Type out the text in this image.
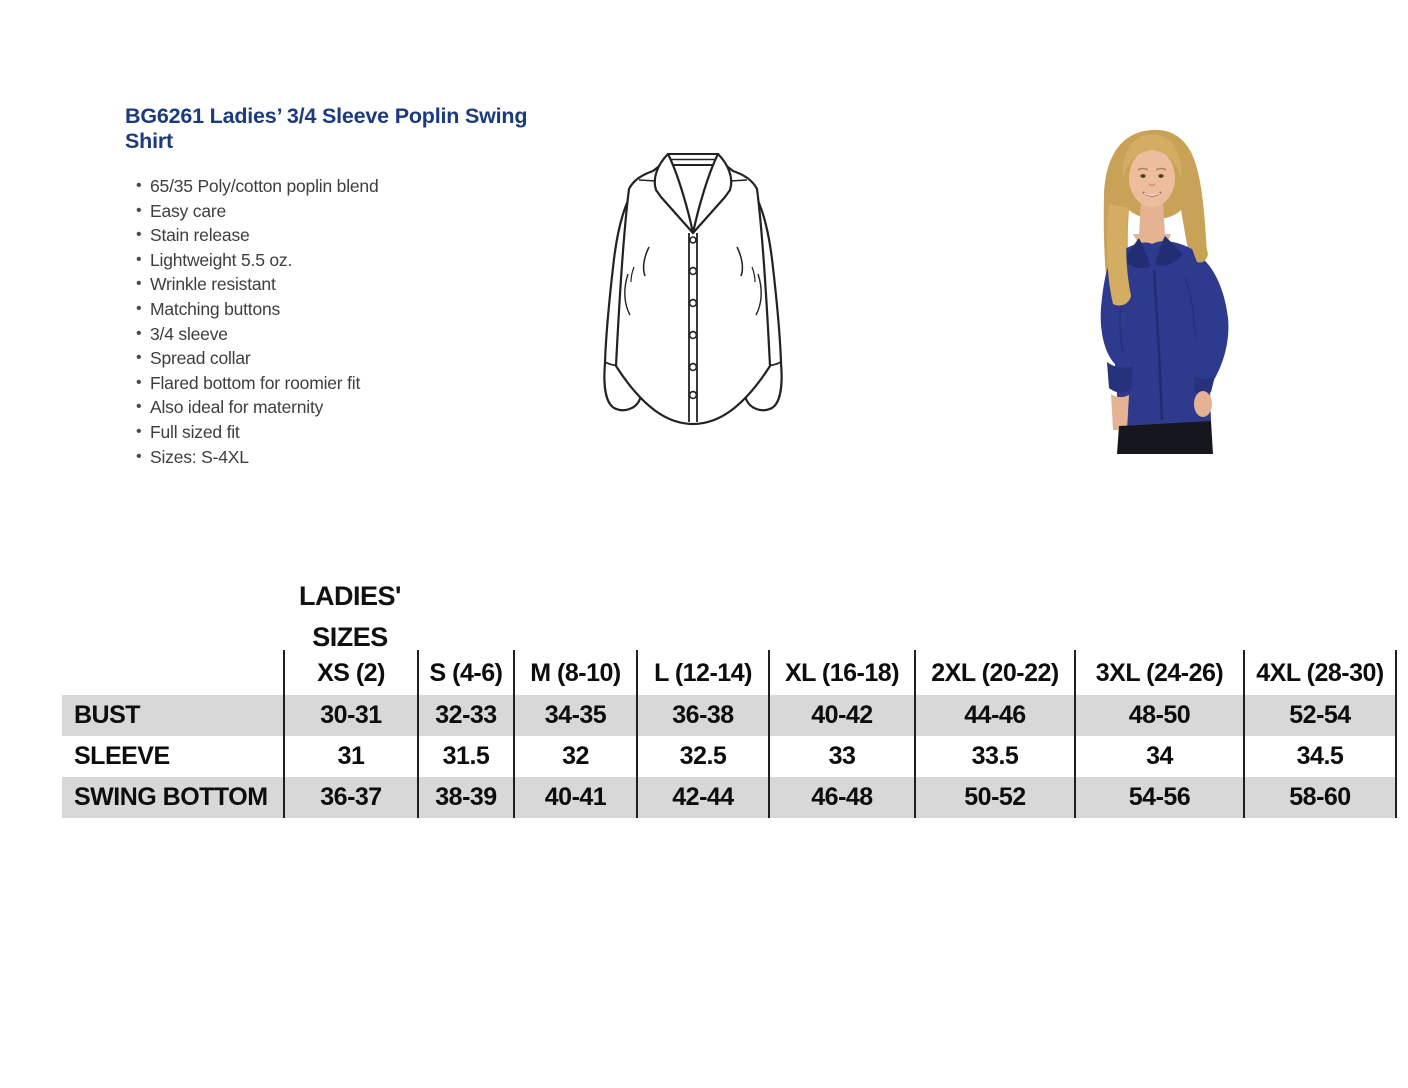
BG6261 Ladies’ 3/4 Sleeve Poplin Swing Shirt
• 65/35 Poly/cotton poplin blend
• Easy care
• Stain release
• Lightweight 5.5 oz.
• Wrinkle resistant
• Matching buttons
• 3/4 sleeve
• Spread collar
• Flared bottom for roomier fit
• Also ideal for maternity
• Full sized fit
• Sizes: S-4XL
LADIES'
SIZES
XS (2)	S (4-6)	M (8-10)	L (12-14)	XL (16-18)	2XL (20-22)	3XL (24-26)	4XL (28-30)
BUST	30-31	32-33	34-35	36-38	40-42	44-46	48-50	52-54
SLEEVE	31	31.5	32	32.5	33	33.5	34	34.5
SWING BOTTOM	36-37	38-39	40-41	42-44	46-48	50-52	54-56	58-60
